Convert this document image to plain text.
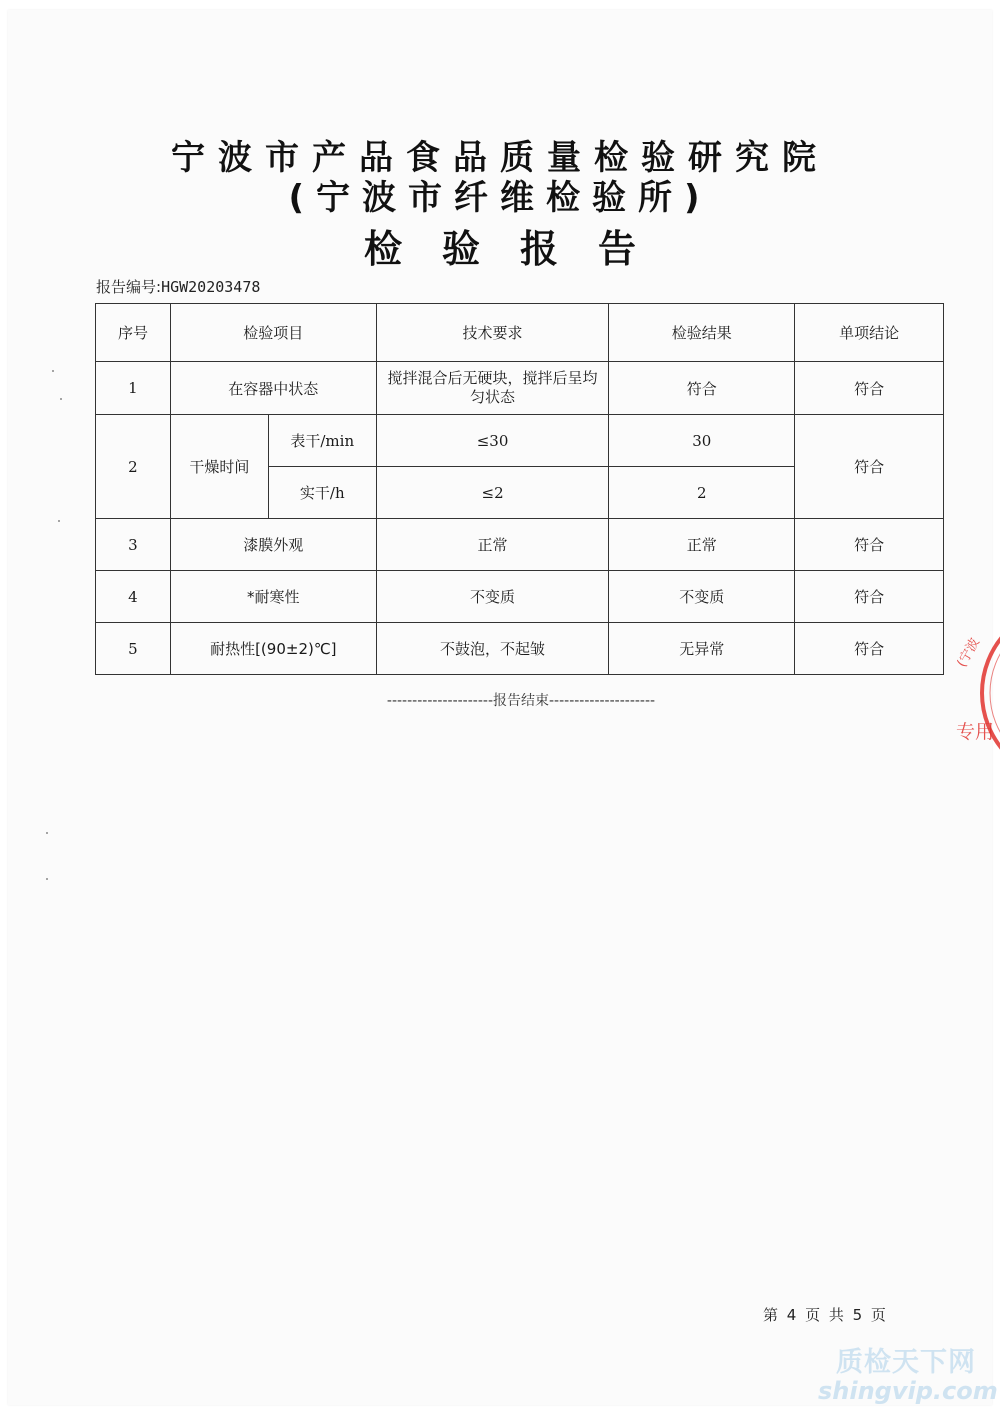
宁波市产品食品质量检验研究院
(宁波市纤维检验所)
检验报告
报告编号:HGW20203478
序号	检验项目		技术要求	检验结果	单项结论
1	在容器中状态		搅拌混合后无硬块，搅拌后呈均匀状态	符合	符合
2	干燥时间	表干/min	≤30	30	符合
		实干/h	≤2	2	
3	漆膜外观		正常	正常	符合
4	*耐寒性		不变质	不变质	符合
5	耐热性[(90±2)℃]		不鼓泡，不起皱	无异常	符合
---------------------报告结束---------------------
(宁波
专用
第 4 页 共 5 页
质检天下网
shingvip.com
